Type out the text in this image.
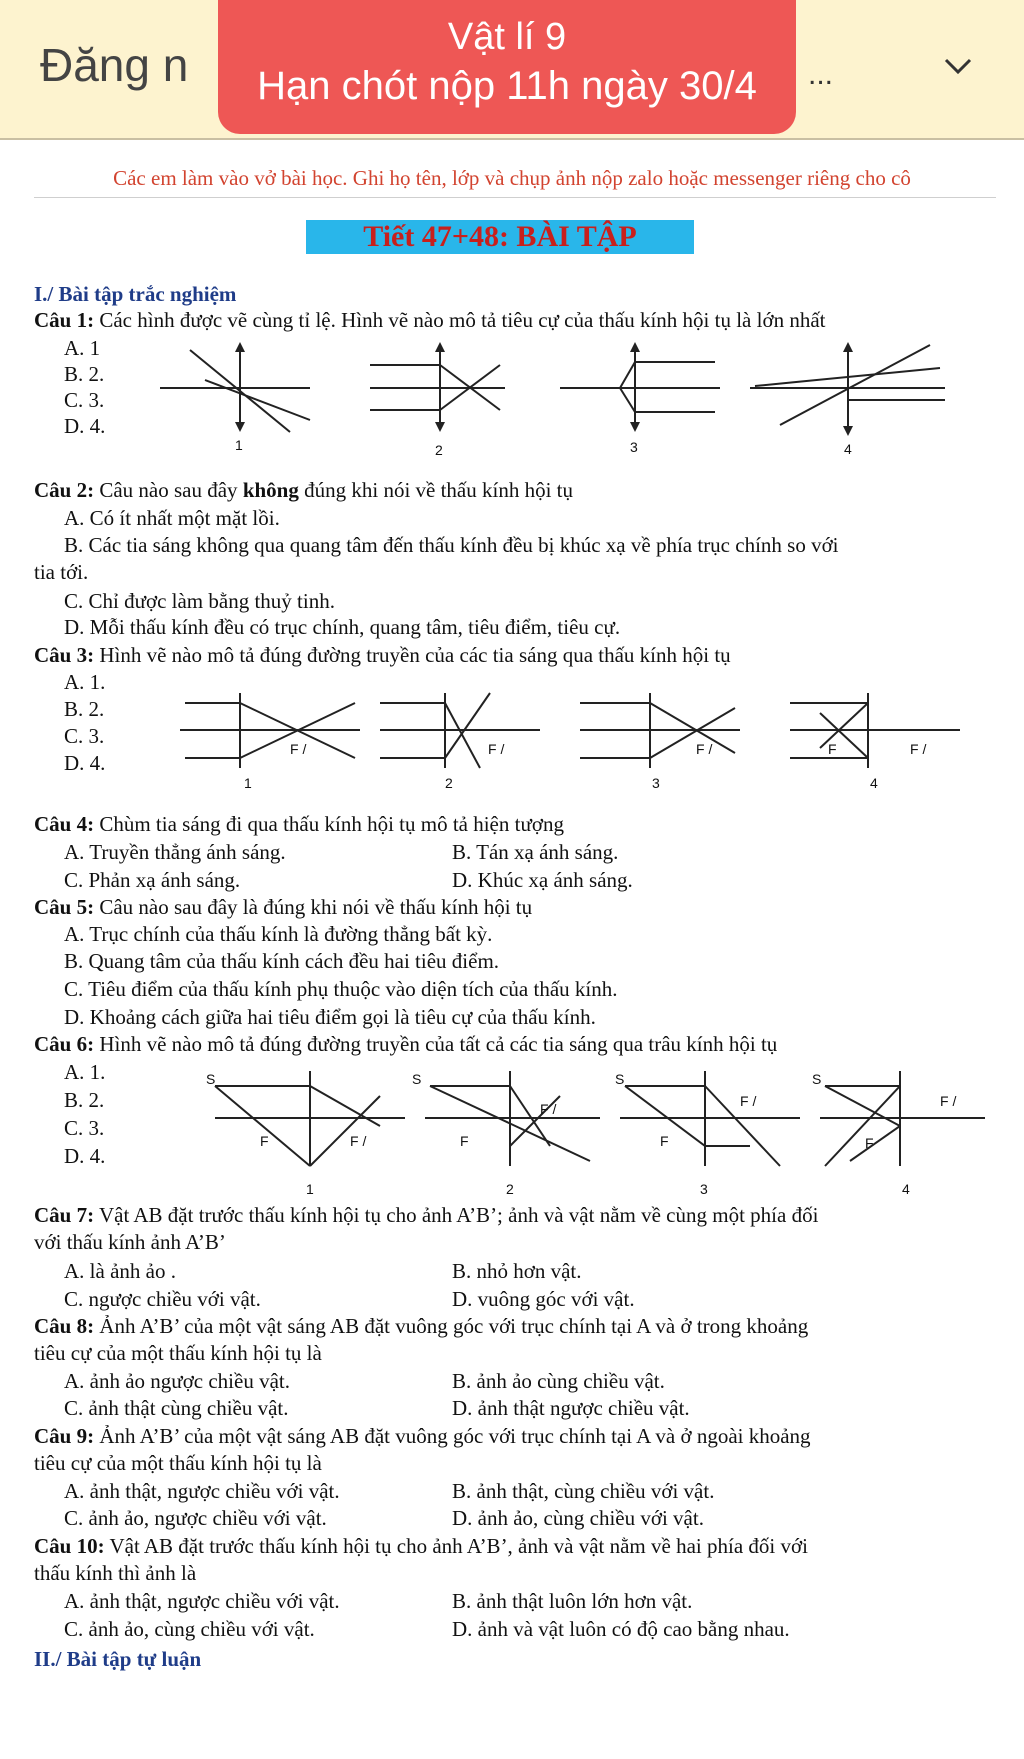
Đăng n	...
Vật lí 9
Hạn chót nộp 11h ngày 30/4
Các em làm vào vở bài học. Ghi họ tên, lớp và chụp ảnh nộp zalo hoặc messenger riêng cho cô
Tiết 47+48: BÀI TẬP
I./ Bài tập trắc nghiệm
Câu 1: Các hình được vẽ cùng tỉ lệ. Hình vẽ nào mô tả tiêu cự của thấu kính hội tụ là lớn nhất
A. 1
B. 2.
C. 3.
D. 4.
1	2	3	4
Câu 2: Câu nào sau đây không đúng khi nói về thấu kính hội tụ
A. Có ít nhất một mặt lồi.
B. Các tia sáng không qua quang tâm đến thấu kính đều bị khúc xạ về phía trục chính so với
tia tới.
C. Chỉ được làm bằng thuỷ tinh.
D. Mỗi thấu kính đều có trục chính, quang tâm, tiêu điểm, tiêu cự.
Câu 3: Hình vẽ nào mô tả đúng đường truyền của các tia sáng qua thấu kính hội tụ
A. 1.
B. 2.
C. 3.
D. 4.
F /
1
F /
2
F /
3
F	F /
4
Câu 4: Chùm tia sáng đi qua thấu kính hội tụ mô tả hiện tượng
A. Truyền thẳng ánh sáng.	B. Tán xạ ánh sáng.
C. Phản xạ ánh sáng.	D. Khúc xạ ánh sáng.
Câu 5: Câu nào sau đây là đúng khi nói về thấu kính hội tụ
A. Trục chính của thấu kính là đường thẳng bất kỳ.
B. Quang tâm của thấu kính cách đều hai tiêu điểm.
C. Tiêu điểm của thấu kính phụ thuộc vào diện tích của thấu kính.
D. Khoảng cách giữa hai tiêu điểm gọi là tiêu cự của thấu kính.
Câu 6: Hình vẽ nào mô tả đúng đường truyền của tất cả các tia sáng qua trâu kính hội tụ
A. 1.
B. 2.
C. 3.
D. 4.
S
F	F /
1
S
F
F /
2
S
F
F /
3
S
F
F /
4
Câu 7: Vật AB đặt trước thấu kính hội tụ cho ảnh A’B’; ảnh và vật nằm về cùng một phía đối
với thấu kính ảnh A’B’
A. là ảnh ảo .	B. nhỏ hơn vật.
C. ngược chiều với vật.	D. vuông góc với vật.
Câu 8: Ảnh A’B’ của một vật sáng AB đặt vuông góc với trục chính tại A và ở trong khoảng
tiêu cự của một thấu kính hội tụ là
A. ảnh ảo ngược chiều vật.	B. ảnh ảo cùng chiều vật.
C. ảnh thật cùng chiều vật.	D. ảnh thật ngược chiều vật.
Câu 9: Ảnh A’B’ của một vật sáng AB đặt vuông góc với trục chính tại A và ở ngoài khoảng
tiêu cự của một thấu kính hội tụ là
A. ảnh thật, ngược chiều với vật.	B. ảnh thật, cùng chiều với vật.
C. ảnh ảo, ngược chiều với vật.	D. ảnh ảo, cùng chiều với vật.
Câu 10: Vật AB đặt trước thấu kính hội tụ cho ảnh A’B’, ảnh và vật nằm về hai phía đối với
thấu kính thì ảnh là
A. ảnh thật, ngược chiều với vật.	B. ảnh thật luôn lớn hơn vật.
C. ảnh ảo, cùng chiều với vật.	D. ảnh và vật luôn có độ cao bằng nhau.
II./ Bài tập tự luận
